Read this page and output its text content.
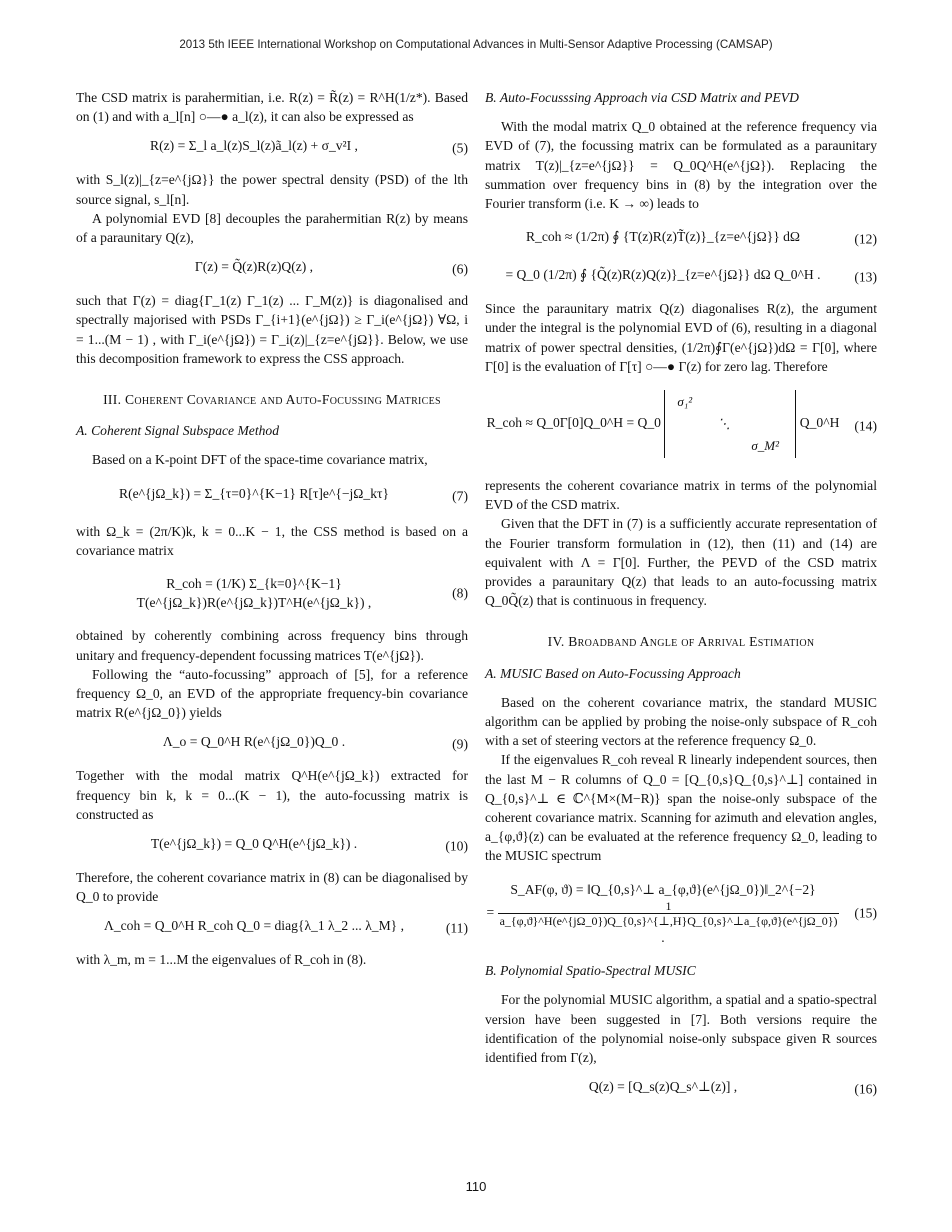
2013 5th IEEE International Workshop on Computational Advances in Multi-Sensor Adaptive Processing (CAMSAP)

The CSD matrix is parahermitian, i.e. R(z) = R̃(z) = R^H(1/z*). Based on (1) and with a_l[n] ○—● a_l(z), it can also be expressed as

R(z) = Σ_l a_l(z)S_l(z)ã_l(z) + σ_v²I ,	(5)

with S_l(z)|_{z=e^{jΩ}} the power spectral density (PSD) of the lth source signal, s_l[n].

A polynomial EVD [8] decouples the parahermitian R(z) by means of a paraunitary Q(z),

Γ(z) = Q̃(z)R(z)Q(z) ,	(6)

such that Γ(z) = diag{Γ_1(z) Γ_1(z) ... Γ_M(z)} is diagonalised and spectrally majorised with PSDs Γ_{i+1}(e^{jΩ}) ≥ Γ_i(e^{jΩ}) ∀Ω, i = 1...(M − 1) , with Γ_i(e^{jΩ}) = Γ_i(z)|_{z=e^{jΩ}}. Below, we use this decomposition framework to express the CSS approach.

III. Coherent Covariance and Auto-Focussing Matrices
A. Coherent Signal Subspace Method

Based on a K-point DFT of the space-time covariance matrix,

R(e^{jΩ_k}) = Σ_{τ=0}^{K−1} R[τ]e^{−jΩ_kτ}	(7)

with Ω_k = (2π/K)k, k = 0...K − 1, the CSS method is based on a covariance matrix

R_coh = (1/K) Σ_{k=0}^{K−1} T(e^{jΩ_k})R(e^{jΩ_k})T^H(e^{jΩ_k}) ,
(8)

obtained by coherently combining across frequency bins through unitary and frequency-dependent focussing matrices T(e^{jΩ}).

Following the “auto-focussing” approach of [5], for a reference frequency Ω_0, an EVD of the appropriate frequency-bin covariance matrix R(e^{jΩ_0}) yields

Λ_o = Q_0^H R(e^{jΩ_0})Q_0 .	(9)

Together with the modal matrix Q^H(e^{jΩ_k}) extracted for frequency bin k, k = 0...(K − 1), the auto-focussing matrix is constructed as

T(e^{jΩ_k}) = Q_0 Q^H(e^{jΩ_k}) .	(10)

Therefore, the coherent covariance matrix in (8) can be diagonalised by Q_0 to provide

Λ_coh = Q_0^H R_coh Q_0 = diag{λ_1 λ_2 ... λ_M} ,	(11)

with λ_m, m = 1...M the eigenvalues of R_coh in (8).

B. Auto-Focusssing Approach via CSD Matrix and PEVD

With the modal matrix Q_0 obtained at the reference frequency via EVD of (7), the focussing matrix can be formulated as a paraunitary matrix T(z)|_{z=e^{jΩ}} = Q_0Q^H(e^{jΩ}). Replacing the summation over frequency bins in (8) by the integration over the Fourier transform (i.e. K → ∞) leads to

R_coh ≈ (1/2π) ∮ {T(z)R(z)T̃(z)}_{z=e^{jΩ}} dΩ	(12)
= Q_0 (1/2π) ∮ {Q̃(z)R(z)Q(z)}_{z=e^{jΩ}} dΩ Q_0^H .	(13)

Since the paraunitary matrix Q(z) diagonalises R(z), the argument under the integral is the polynomial EVD of (6), resulting in a diagonal matrix of power spectral densities, (1/2π)∮Γ(e^{jΩ})dΩ = Γ[0], where Γ[0] is the evaluation of Γ[τ] ○—● Γ(z) for zero lag. Therefore

R_coh ≈ Q_0Γ[0]Q_0^H = Q_0
σ₁²
⋱
σ_M²
Q_0^H	(14)

represents the coherent covariance matrix in terms of the polynomial EVD of the CSD matrix.

Given that the DFT in (7) is a sufficiently accurate representation of the Fourier transform formulation in (12), then (11) and (14) are equivalent with Λ = Γ[0]. Further, the PEVD of the CSD matrix provides a paraunitary Q(z) that leads to an auto-focussing matrix Q_0Q̃(z) that is continuous in frequency.

IV. Broadband Angle of Arrival Estimation
A. MUSIC Based on Auto-Focussing Approach

Based on the coherent covariance matrix, the standard MUSIC algorithm can be applied by probing the noise-only subspace of R_coh with a set of steering vectors at the reference frequency Ω_0.

If the eigenvalues R_coh reveal R linearly independent sources, then the last M − R columns of Q_0 = [Q_{0,s}Q_{0,s}^⊥] contained in Q_{0,s}^⊥ ∈ ℂ^{M×(M−R)} span the noise-only subspace of the coherent covariance matrix. Scanning for azimuth and elevation angles, a_{φ,ϑ}(z) can be evaluated at the reference frequency Ω_0, leading to the MUSIC spectrum

S_AF(φ, ϑ) = ‖Q_{0,s}^⊥ a_{φ,ϑ}(e^{jΩ_0})‖_2^{−2}
= $\frac{1}{a\_\{\varphi,ϑ\}\^{}H(e\^{}\{j\Omega\_0\})Q\_\{0,s\}\^{}\{\perp,H\}Q\_\{0,s\}\^{}\perp a\_\{\varphi,ϑ\}(e\^{}\{j\Omega\_0\})}$
.
(15)
B. Polynomial Spatio-Spectral MUSIC

For the polynomial MUSIC algorithm, a spatial and a spatio-spectral version have been suggested in [7]. Both versions require the identification of the polynomial noise-only subspace given R sources identified from Γ(z),

Q(z) = [Q_s(z)Q_s^⊥(z)] ,	(16)
110
